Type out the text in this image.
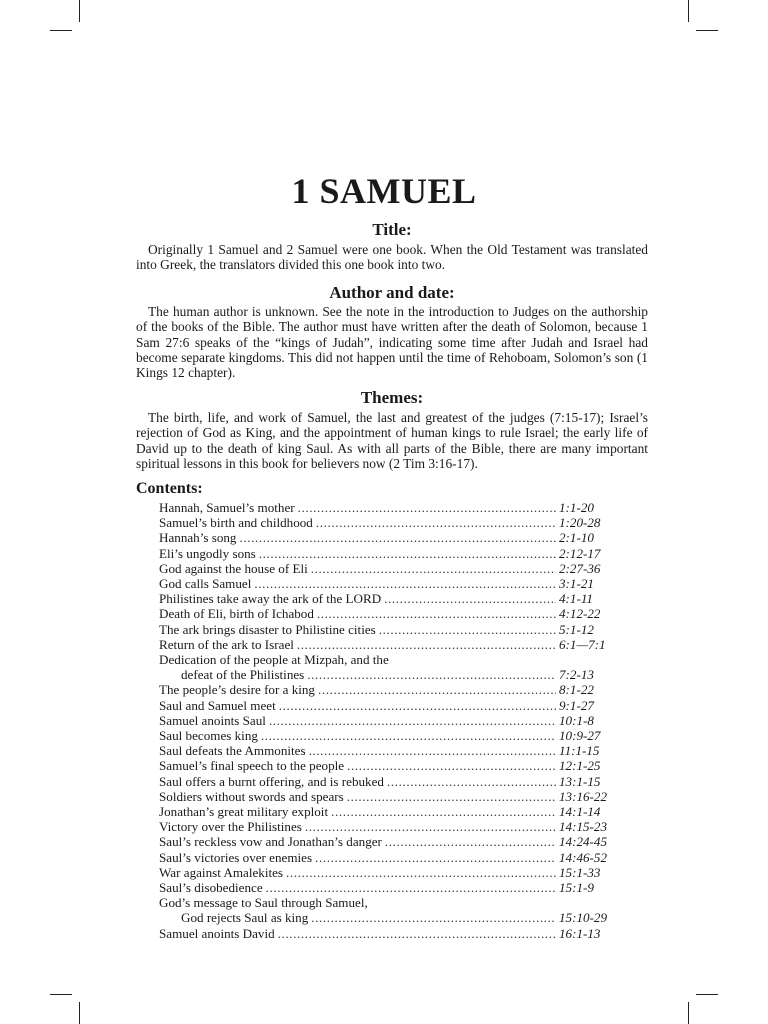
1 SAMUEL
Title:

Originally 1 Samuel and 2 Samuel were one book. When the Old Testament was translated into Greek, the translators divided this one book into two.

Author and date:

The human author is unknown. See the note in the introduction to Judges on the authorship of the books of the Bible. The author must have written after the death of Solomon, because 1 Sam 27:6 speaks of the “kings of Judah”, indicating some time after Judah and Israel had become separate kingdoms. This did not happen until the time of Rehoboam, Solomon’s son (1 Kings 12 chapter).

Themes:

The birth, life, and work of Samuel, the last and greatest of the judges (7:15-17); Israel’s rejection of God as King, and the appointment of human kings to rule Israel; the early life of David up to the death of king Saul. As with all parts of the Bible, there are many important spiritual lessons in this book for believers now (2 Tim 3:16-17).

Contents:
Hannah, Samuel’s mother .....	1:1-20
Samuel’s birth and childhood .....	1:20-28
Hannah’s song .....	2:1-10
Eli’s ungodly sons .....	2:12-17
God against the house of Eli .....	2:27-36
God calls Samuel .....	3:1-21
Philistines take away the ark of the LORD .....	4:1-11
Death of Eli, birth of Ichabod .....	4:12-22
The ark brings disaster to Philistine cities .....	5:1-12
Return of the ark to Israel .....	6:1—7:1
Dedication of the people at Mizpah, and the
defeat of the Philistines .....	7:2-13
The people’s desire for a king .....	8:1-22
Saul and Samuel meet .....	9:1-27
Samuel anoints Saul .....	10:1-8
Saul becomes king .....	10:9-27
Saul defeats the Ammonites .....	11:1-15
Samuel’s final speech to the people .....	12:1-25
Saul offers a burnt offering, and is rebuked .....	13:1-15
Soldiers without swords and spears .....	13:16-22
Jonathan’s great military exploit .....	14:1-14
Victory over the Philistines .....	14:15-23
Saul’s reckless vow and Jonathan’s danger .....	14:24-45
Saul’s victories over enemies .....	14:46-52
War against Amalekites .....	15:1-33
Saul’s disobedience .....	15:1-9
God’s message to Saul through Samuel,
God rejects Saul as king .....	15:10-29
Samuel anoints David .....	16:1-13
